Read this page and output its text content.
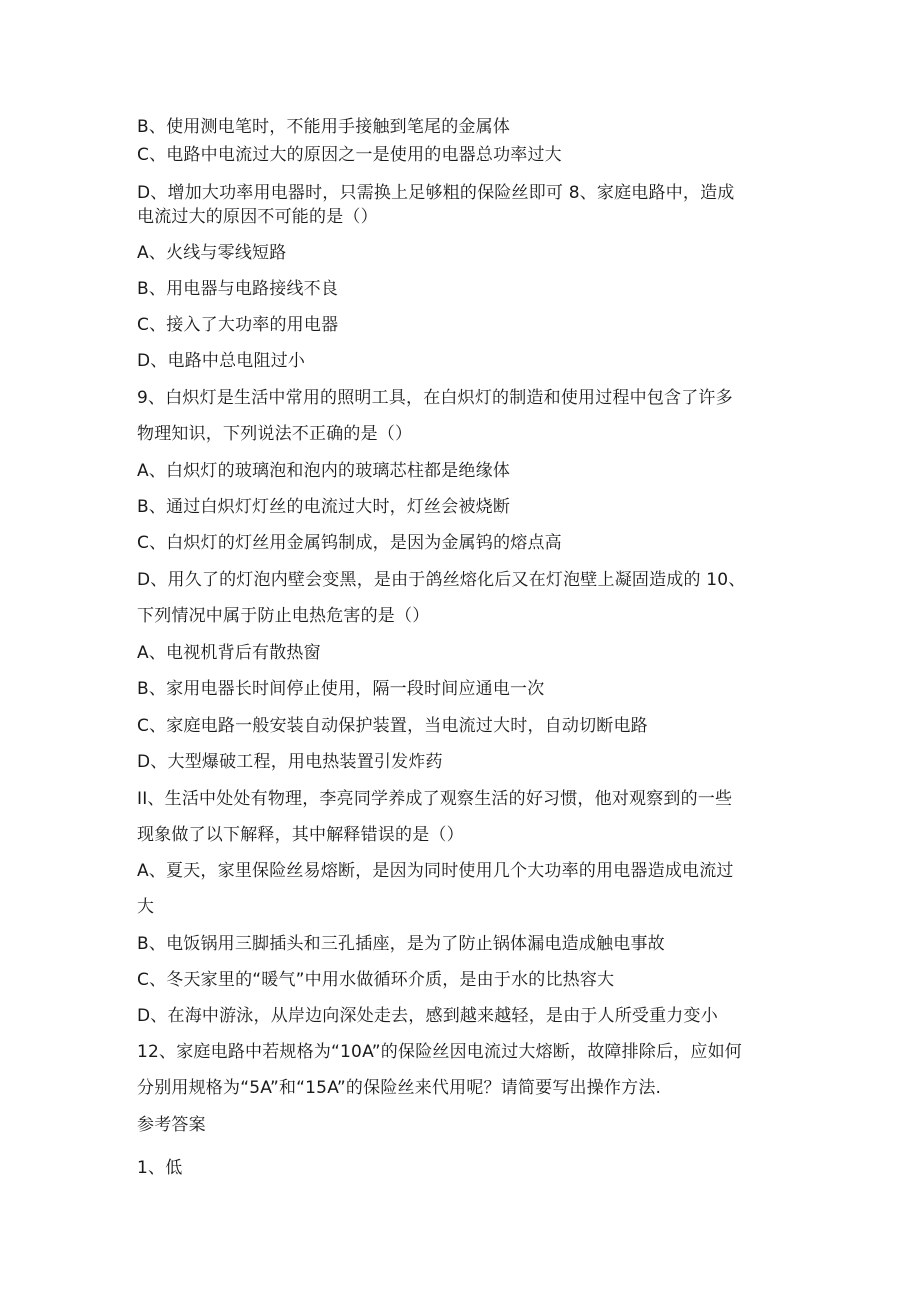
B、使用测电笔时，不能用手接触到笔尾的金属体
C、电路中电流过大的原因之一是使用的电器总功率过大
D、增加大功率用电器时，只需换上足够粗的保险丝即可 8、家庭电路中，造成
电流过大的原因不可能的是（）
A、火线与零线短路
B、用电器与电路接线不良
C、接入了大功率的用电器
D、电路中总电阻过小
9、白炽灯是生活中常用的照明工具，在白炽灯的制造和使用过程中包含了许多
物理知识，下列说法不正确的是（）
A、白炽灯的玻璃泡和泡内的玻璃芯柱都是绝缘体
B、通过白炽灯灯丝的电流过大时，灯丝会被烧断
C、白炽灯的灯丝用金属钨制成，是因为金属钨的熔点高
D、用久了的灯泡内壁会变黑，是由于鸽丝熔化后又在灯泡壁上凝固造成的 10、
下列情况中属于防止电热危害的是（）
A、电视机背后有散热窗
B、家用电器长时间停止使用，隔一段时间应通电一次
C、家庭电路一般安装自动保护装置，当电流过大时，自动切断电路
D、大型爆破工程，用电热装置引发炸药
II、生活中处处有物理，李亮同学养成了观察生活的好习惯，他对观察到的一些
现象做了以下解释，其中解释错误的是（）
A、夏天，家里保险丝易熔断，是因为同时使用几个大功率的用电器造成电流过
大
B、电饭锅用三脚插头和三孔插座，是为了防止锅体漏电造成触电事故
C、冬天家里的“暖气”中用水做循环介质，是由于水的比热容大
D、在海中游泳，从岸边向深处走去，感到越来越轻，是由于人所受重力变小
12、家庭电路中若规格为“10A”的保险丝因电流过大熔断，故障排除后，应如何
分别用规格为“5A”和“15A”的保险丝来代用呢？请简要写出操作方法.
参考答案
1、低
